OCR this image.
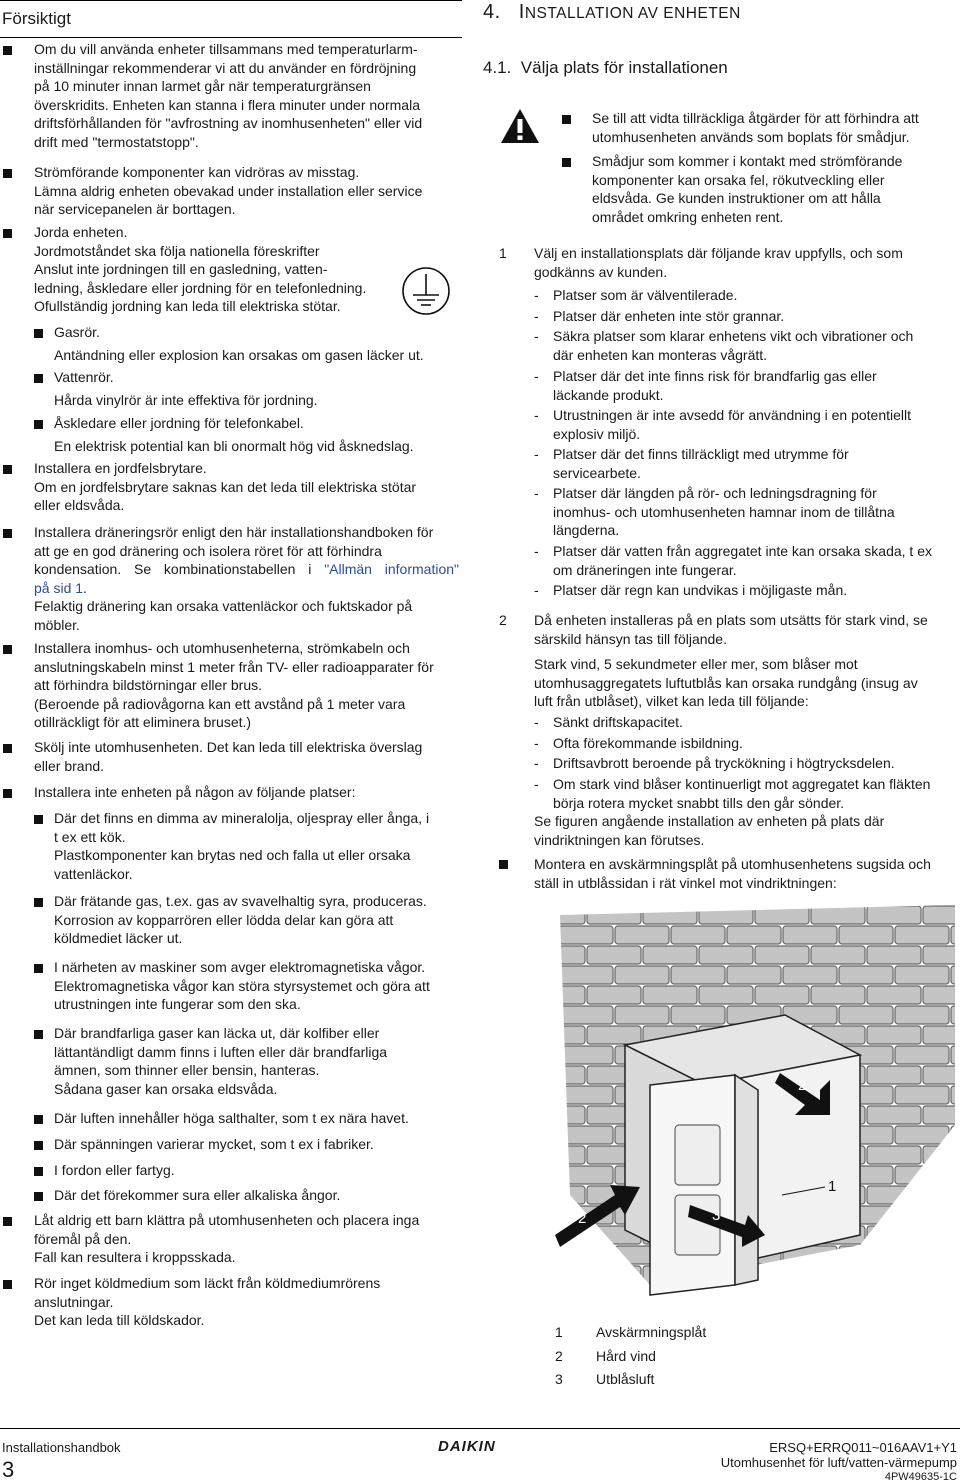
Försiktigt
Om du vill använda enheter tillsammans med temperaturlarm-
inställningar rekommenderar vi att du använder en fördröjning
på 10 minuter innan larmet går när temperaturgränsen
överskridits. Enheten kan stanna i flera minuter under normala
driftsförhållanden för "avfrostning av inomhusenheten" eller vid
drift med "termostatstopp".
Strömförande komponenter kan vidröras av misstag.
Lämna aldrig enheten obevakad under installation eller service
när servicepanelen är borttagen.
Jorda enheten.
Jordmotståndet ska följa nationella föreskrifter
Anslut inte jordningen till en gasledning, vatten-
ledning, åskledare eller jordning för en telefonledning.
Ofullständig jordning kan leda till elektriska stötar.
Gasrör.
Antändning eller explosion kan orsakas om gasen läcker ut.
Vattenrör.
Hårda vinylrör är inte effektiva för jordning.
Åskledare eller jordning för telefonkabel.
En elektrisk potential kan bli onormalt hög vid åsknedslag.
Installera en jordfelsbrytare.
Om en jordfelsbrytare saknas kan det leda till elektriska stötar
eller eldsvåda.
Installera dräneringsrör enligt den här installationshandboken för
att ge en god dränering och isolera röret för att förhindra
kondensation. Se kombinationstabellen i "Allmän information"
på sid 1.
Felaktig dränering kan orsaka vattenläckor och fuktskador på
möbler.
Installera inomhus- och utomhusenheterna, strömkabeln och
anslutningskabeln minst 1 meter från TV- eller radioapparater för
att förhindra bildstörningar eller brus.
(Beroende på radiovågorna kan ett avstånd på 1 meter vara
otillräckligt för att eliminera bruset.)
Skölj inte utomhusenheten. Det kan leda till elektriska överslag
eller brand.
Installera inte enheten på någon av följande platser:
Där det finns en dimma av mineralolja, oljespray eller ånga, i
t ex ett kök.
Plastkomponenter kan brytas ned och falla ut eller orsaka
vattenläckor.
Där frätande gas, t.ex. gas av svavelhaltig syra, produceras.
Korrosion av kopparrören eller lödda delar kan göra att
köldmediet läcker ut.
I närheten av maskiner som avger elektromagnetiska vågor.
Elektromagnetiska vågor kan störa styrsystemet och göra att
utrustningen inte fungerar som den ska.
Där brandfarliga gaser kan läcka ut, där kolfiber eller
lättantändligt damm finns i luften eller där brandfarliga
ämnen, som thinner eller bensin, hanteras.
Sådana gaser kan orsaka eldsvåda.
Där luften innehåller höga salthalter, som t ex nära havet.
Där spänningen varierar mycket, som t ex i fabriker.
I fordon eller fartyg.
Där det förekommer sura eller alkaliska ångor.
Låt aldrig ett barn klättra på utomhusenheten och placera inga
föremål på den.
Fall kan resultera i kroppsskada.
Rör inget köldmedium som läckt från köldmediumrörens
anslutningar.
Det kan leda till köldskador.
4. INSTALLATION AV ENHETEN
4.1.  Välja plats för installationen
Se till att vidta tillräckliga åtgärder för att förhindra att
utomhusenheten används som boplats för smådjur.
Smådjur som kommer i kontakt med strömförande
komponenter kan orsaka fel, rökutveckling eller
eldsvåda. Ge kunden instruktioner om att hålla
området omkring enheten rent.
1 Välj en installationsplats där följande krav uppfylls, och som
godkänns av kunden.
- Platser som är välventilerade.
- Platser där enheten inte stör grannar.
- Säkra platser som klarar enhetens vikt och vibrationer och
där enheten kan monteras vågrätt.
- Platser där det inte finns risk för brandfarlig gas eller
läckande produkt.
- Utrustningen är inte avsedd för användning i en potentiellt
explosiv miljö.
- Platser där det finns tillräckligt med utrymme för
servicearbete.
- Platser där längden på rör- och ledningsdragning för
inomhus- och utomhusenheten hamnar inom de tillåtna
längderna.
- Platser där vatten från aggregatet inte kan orsaka skada, t ex
om dräneringen inte fungerar.
- Platser där regn kan undvikas i möjligaste mån.
2 Då enheten installeras på en plats som utsätts för stark vind, se
särskild hänsyn tas till följande.
Stark vind, 5 sekundmeter eller mer, som blåser mot
utomhusaggregatets luftutblås kan orsaka rundgång (insug av
luft från utblåset), vilket kan leda till följande:
- Sänkt driftskapacitet.
- Ofta förekommande isbildning.
- Driftsavbrott beroende på tryckökning i högtrycksdelen.
- Om stark vind blåser kontinuerligt mot aggregatet kan fläkten
börja rotera mycket snabbt tills den går sönder.
Se figuren angående installation av enheten på plats där
vindriktningen kan förutses.
Montera en avskärmningsplåt på utomhusenhetens sugsida och
ställ in utblåssidan i rät vinkel mot vindriktningen:
2
2	3
1
1 Avskärmningsplåt
2 Hård vind
3 Utblåsluft
Installationshandbok
3
DAIKIN	ERSQ+ERRQ011~016AAV1+Y1
Utomhusenhet för luft/vatten-värmepump
4PW49635-1C
